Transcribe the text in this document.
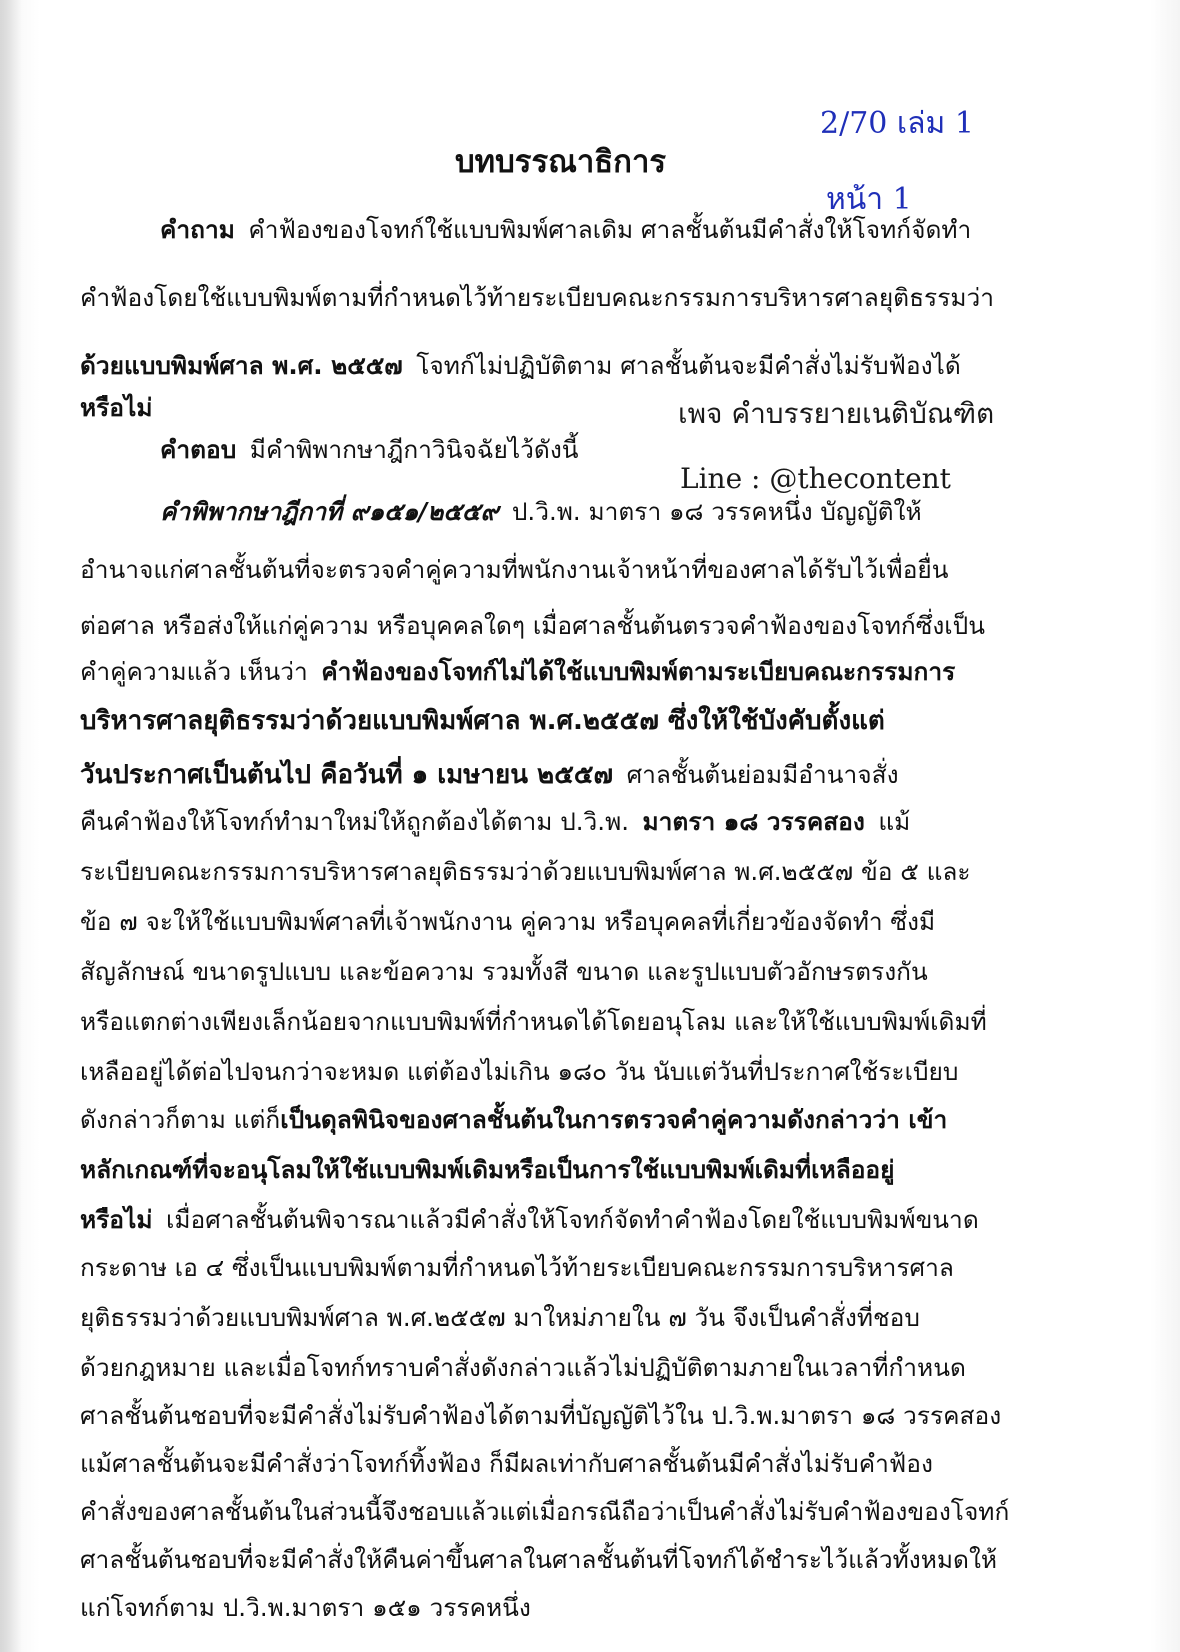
2/70 เล่ม 1
หน้า 1
บทบรรณาธิการ
คำถาม คำฟ้องของโจทก์ใช้แบบพิมพ์ศาลเดิม ศาลชั้นต้นมีคำสั่งให้โจทก์จัดทำ
คำฟ้องโดยใช้แบบพิมพ์ตามที่กำหนดไว้ท้ายระเบียบคณะกรรมการบริหารศาลยุติธรรมว่า
ด้วยแบบพิมพ์ศาล พ.ศ. ๒๕๕๗ โจทก์ไม่ปฏิบัติตาม ศาลชั้นต้นจะมีคำสั่งไม่รับฟ้องได้
หรือไม่	เพจ คำบรรยายเนติบัณฑิต
คำตอบ มีคำพิพากษาฎีกาวินิจฉัยไว้ดังนี้
Line : @thecontent
คำพิพากษาฎีกาที่ ๙๑๕๑/๒๕๕๙ ป.วิ.พ. มาตรา ๑๘ วรรคหนึ่ง บัญญัติให้
อำนาจแก่ศาลชั้นต้นที่จะตรวจคำคู่ความที่พนักงานเจ้าหน้าที่ของศาลได้รับไว้เพื่อยื่น
ต่อศาล หรือส่งให้แก่คู่ความ หรือบุคคลใดๆ เมื่อศาลชั้นต้นตรวจคำฟ้องของโจทก์ซึ่งเป็น
คำคู่ความแล้ว เห็นว่า คำฟ้องของโจทก์ไม่ได้ใช้แบบพิมพ์ตามระเบียบคณะกรรมการ
บริหารศาลยุติธรรมว่าด้วยแบบพิมพ์ศาล พ.ศ.๒๕๕๗ ซึ่งให้ใช้บังคับตั้งแต่
วันประกาศเป็นต้นไป คือวันที่ ๑ เมษายน ๒๕๕๗ ศาลชั้นต้นย่อมมีอำนาจสั่ง
คืนคำฟ้องให้โจทก์ทำมาใหม่ให้ถูกต้องได้ตาม ป.วิ.พ. มาตรา ๑๘ วรรคสอง แม้
ระเบียบคณะกรรมการบริหารศาลยุติธรรมว่าด้วยแบบพิมพ์ศาล พ.ศ.๒๕๕๗ ข้อ ๕ และ
ข้อ ๗ จะให้ใช้แบบพิมพ์ศาลที่เจ้าพนักงาน คู่ความ หรือบุคคลที่เกี่ยวข้องจัดทำ ซึ่งมี
สัญลักษณ์ ขนาดรูปแบบ และข้อความ รวมทั้งสี ขนาด และรูปแบบตัวอักษรตรงกัน
หรือแตกต่างเพียงเล็กน้อยจากแบบพิมพ์ที่กำหนดได้โดยอนุโลม และให้ใช้แบบพิมพ์เดิมที่
เหลืออยู่ได้ต่อไปจนกว่าจะหมด แต่ต้องไม่เกิน ๑๘๐ วัน นับแต่วันที่ประกาศใช้ระเบียบ
ดังกล่าวก็ตาม แต่ก็เป็นดุลพินิจของศาลชั้นต้นในการตรวจคำคู่ความดังกล่าวว่า เข้า
หลักเกณฑ์ที่จะอนุโลมให้ใช้แบบพิมพ์เดิมหรือเป็นการใช้แบบพิมพ์เดิมที่เหลืออยู่
หรือไม่ เมื่อศาลชั้นต้นพิจารณาแล้วมีคำสั่งให้โจทก์จัดทำคำฟ้องโดยใช้แบบพิมพ์ขนาด
กระดาษ เอ ๔ ซึ่งเป็นแบบพิมพ์ตามที่กำหนดไว้ท้ายระเบียบคณะกรรมการบริหารศาล
ยุติธรรมว่าด้วยแบบพิมพ์ศาล พ.ศ.๒๕๕๗ มาใหม่ภายใน ๗ วัน จึงเป็นคำสั่งที่ชอบ
ด้วยกฎหมาย และเมื่อโจทก์ทราบคำสั่งดังกล่าวแล้วไม่ปฏิบัติตามภายในเวลาที่กำหนด
ศาลชั้นต้นชอบที่จะมีคำสั่งไม่รับคำฟ้องได้ตามที่บัญญัติไว้ใน ป.วิ.พ.มาตรา ๑๘ วรรคสอง
แม้ศาลชั้นต้นจะมีคำสั่งว่าโจทก์ทิ้งฟ้อง ก็มีผลเท่ากับศาลชั้นต้นมีคำสั่งไม่รับคำฟ้อง
คำสั่งของศาลชั้นต้นในส่วนนี้จึงชอบแล้วแต่เมื่อกรณีถือว่าเป็นคำสั่งไม่รับคำฟ้องของโจทก์
ศาลชั้นต้นชอบที่จะมีคำสั่งให้คืนค่าขึ้นศาลในศาลชั้นต้นที่โจทก์ได้ชำระไว้แล้วทั้งหมดให้
แก่โจทก์ตาม ป.วิ.พ.มาตรา ๑๕๑ วรรคหนึ่ง
